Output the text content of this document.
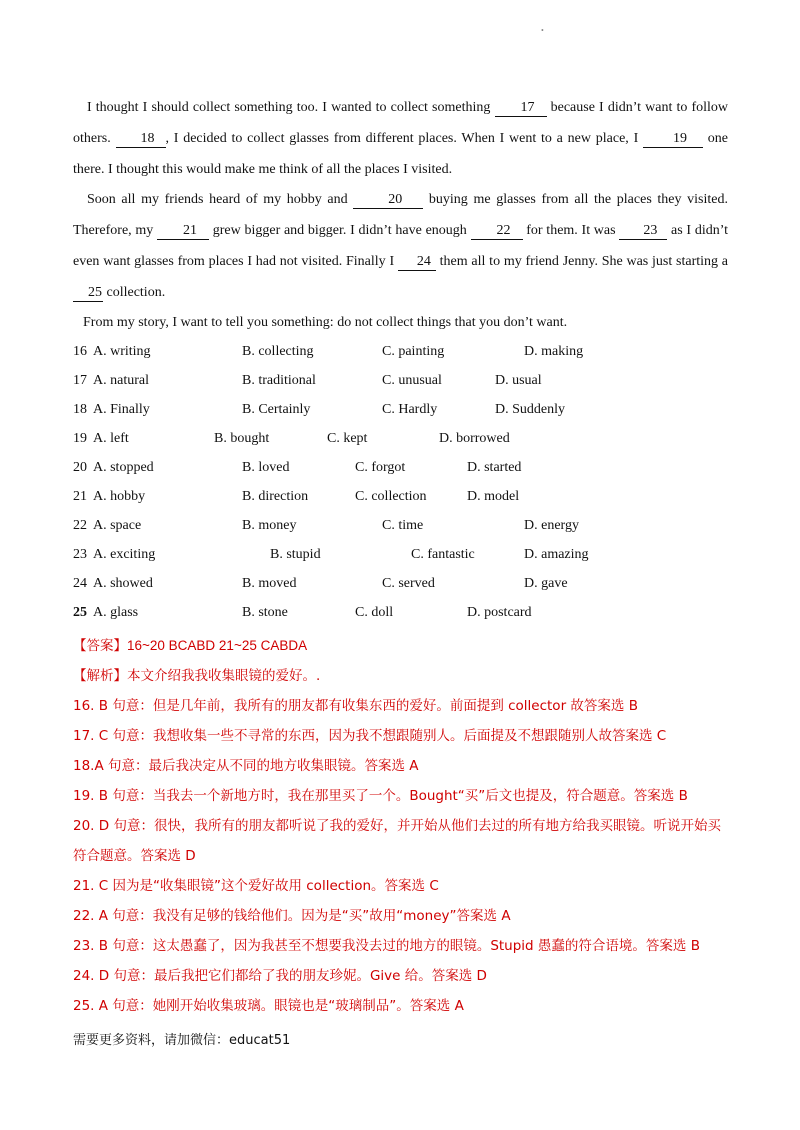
•

I thought I should collect something too. I wanted to collect something 17 because I didn’t want to follow others. 18 , I decided to collect glasses from different places. When I went to a new place, I 19 one there. I thought this would make me think of all the places I visited.

Soon all my friends heard of my hobby and	20 buying me glasses from all the places they visited. Therefore, my 21 grew bigger and bigger. I didn’t have enough 22 for them. It was 23 as I didn’t even want glasses from places I had not visited. Finally I 24 them all to my friend Jenny. She was just starting a 25 collection.

From my story, I want to tell you something: do not collect things that you don’t want.

16 A. writing	B. collecting	C. painting	D. making
17 A. natural	B. traditional	C. unusual	D. usual
18 A. Finally	B. Certainly	C. Hardly	D. Suddenly
19 A. left	B. bought	C. kept	D. borrowed
20 A. stopped	B. loved	C. forgot	D. started
21 A. hobby	B. direction	C. collection	D. model
22 A. space	B. money	C. time	D. energy
23 A. exciting	B. stupid	C. fantastic	D. amazing
24 A. showed	B. moved	C. served	D. gave
25 A. glass	B. stone	C. doll	D. postcard
【答案】16~20 BCABD 21~25 CABDA
【解析】本文介绍我我收集眼镜的爱好。.
16. B 句意：但是几年前，我所有的朋友都有收集东西的爱好。前面提到 collector 故答案选 B
17. C 句意：我想收集一些不寻常的东西，因为我不想跟随别人。后面提及不想跟随别人故答案选 C
18.A 句意：最后我决定从不同的地方收集眼镜。答案选 A
19. B 句意：当我去一个新地方时，我在那里买了一个。Bought“买”后文也提及，符合题意。答案选 B
20. D 句意：很快，我所有的朋友都听说了我的爱好，并开始从他们去过的所有地方给我买眼镜。听说开始买符合题意。答案选 D
21. C 因为是“收集眼镜”这个爱好故用 collection。答案选 C
22. A 句意：我没有足够的钱给他们。因为是“买”故用“money”答案选 A
23. B 句意：这太愚蠢了，因为我甚至不想要我没去过的地方的眼镜。Stupid 愚蠢的符合语境。答案选 B
24. D 句意：最后我把它们都给了我的朋友珍妮。Give 给。答案选 D
25. A 句意：她刚开始收集玻璃。眼镜也是“玻璃制品”。答案选 A
需要更多资料，请加微信：educat51
